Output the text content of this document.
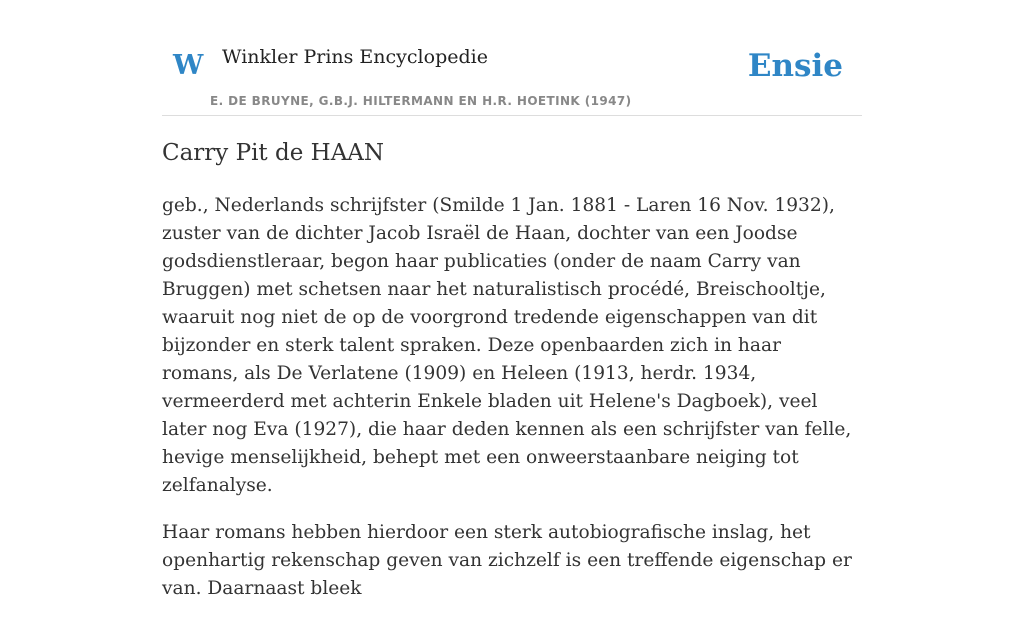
W Winkler Prins Encyclopedie
E. DE BRUYNE, G.B.J. HILTERMANN EN H.R. HOETINK (1947)
Ensie
Carry Pit de HAAN

geb., Nederlands schrijfster (Smilde 1 Jan. 1881 - Laren 16 Nov. 1932), zuster van de dichter Jacob Israël de Haan, dochter van een Joodse godsdienstleraar, begon haar publicaties (onder de naam Carry van Bruggen) met schetsen naar het naturalistisch procédé, Breischooltje, waaruit nog niet de op de voorgrond tredende eigenschappen van dit bijzonder en sterk talent spraken. Deze openbaarden zich in haar romans, als De Verlatene (1909) en Heleen (1913, herdr. 1934, vermeerderd met achterin Enkele bladen uit Helene's Dagboek), veel later nog Eva (1927), die haar deden kennen als een schrijfster van felle, hevige menselijkheid, behept met een onweerstaanbare neiging tot zelfanalyse.

Haar romans hebben hierdoor een sterk autobiografische inslag, het openhartig rekenschap geven van zichzelf is een treffende eigenschap er van. Daarnaast bleek
